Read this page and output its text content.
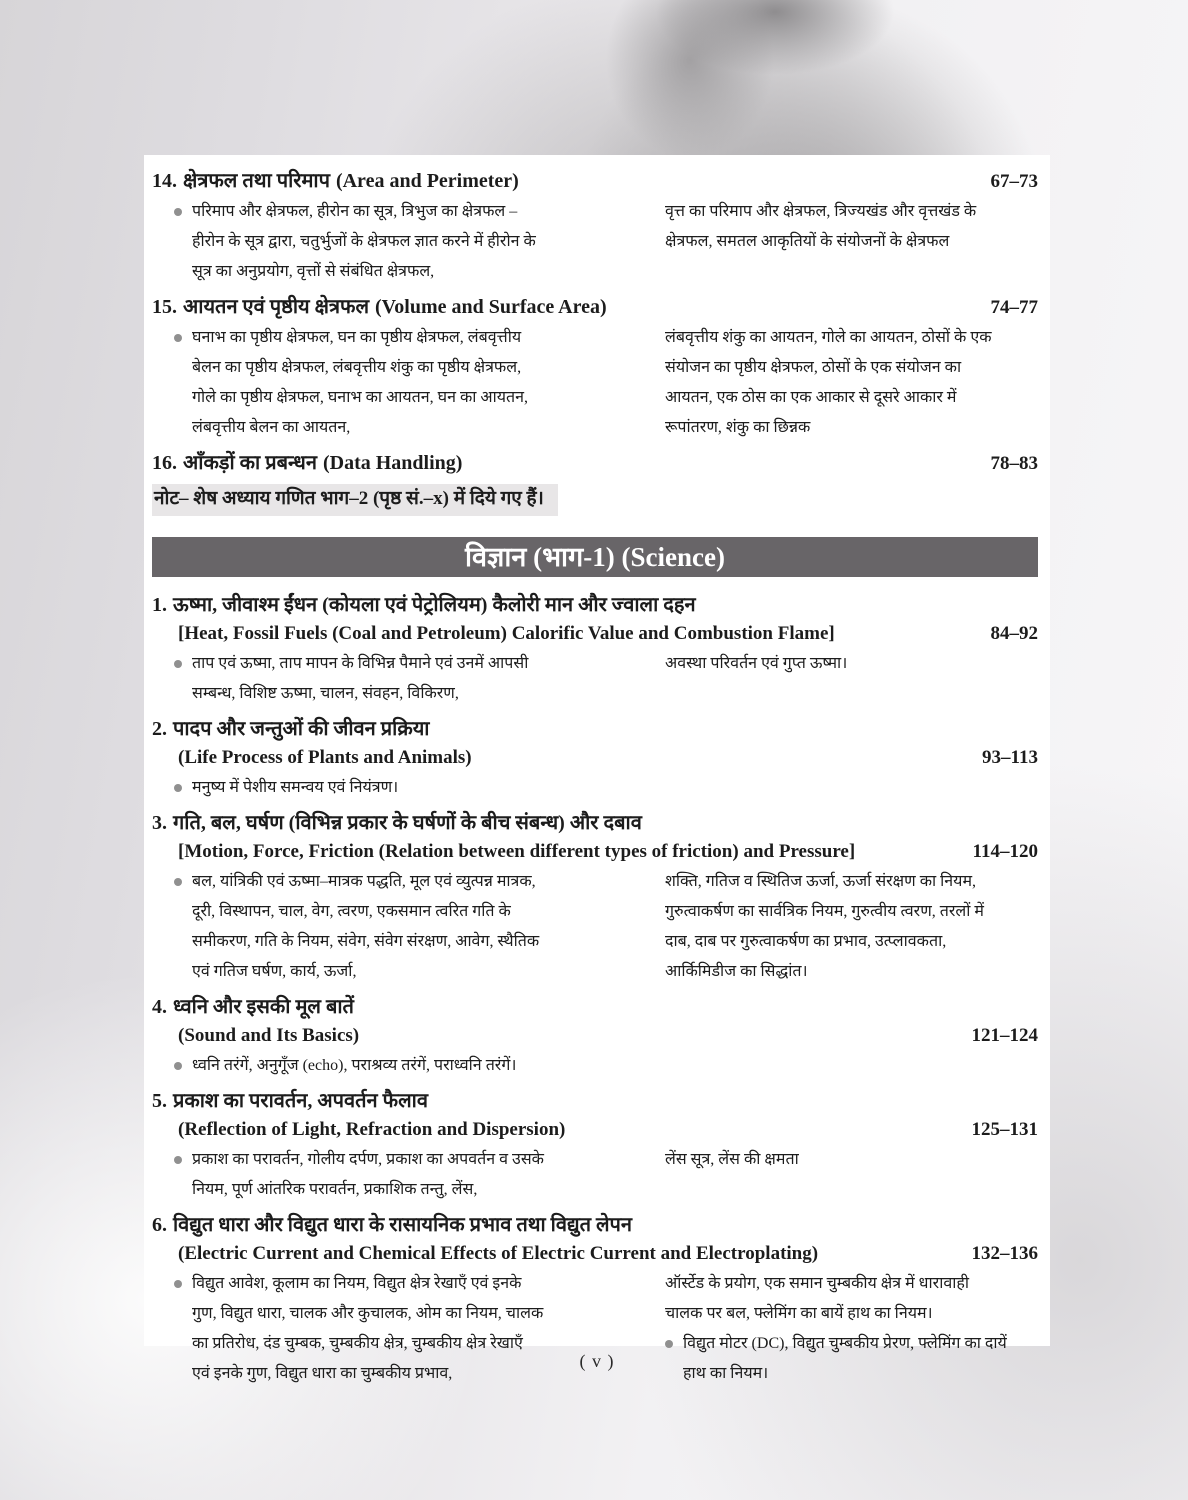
14. क्षेत्रफल तथा परिमाप (Area and Perimeter)	67–73
परिमाप और क्षेत्रफल, हीरोन का सूत्र, त्रिभुज का क्षेत्रफल – हीरोन के सूत्र द्वारा, चतुर्भुजों के क्षेत्रफल ज्ञात करने में हीरोन के सूत्र का अनुप्रयोग, वृत्तों से संबंधित क्षेत्रफल,
वृत्त का परिमाप और क्षेत्रफल, त्रिज्यखंड और वृत्तखंड के क्षेत्रफल, समतल आकृतियों के संयोजनों के क्षेत्रफल
15. आयतन एवं पृष्ठीय क्षेत्रफल (Volume and Surface Area)	74–77
घनाभ का पृष्ठीय क्षेत्रफल, घन का पृष्ठीय क्षेत्रफल, लंबवृत्तीय बेलन का पृष्ठीय क्षेत्रफल, लंबवृत्तीय शंकु का पृष्ठीय क्षेत्रफल, गोले का पृष्ठीय क्षेत्रफल, घनाभ का आयतन, घन का आयतन, लंबवृत्तीय बेलन का आयतन,
लंबवृत्तीय शंकु का आयतन, गोले का आयतन, ठोसों के एक संयोजन का पृष्ठीय क्षेत्रफल, ठोसों के एक संयोजन का आयतन, एक ठोस का एक आकार से दूसरे आकार में रूपांतरण, शंकु का छिन्नक
16. आँकड़ों का प्रबन्धन (Data Handling)	78–83
नोट– शेष अध्याय गणित भाग–2 (पृष्ठ सं.–x) में दिये गए हैं।
विज्ञान (भाग-1) (Science)
1. ऊष्मा, जीवाश्म ईंधन (कोयला एवं पेट्रोलियम) कैलोरी मान और ज्वाला दहन
[Heat, Fossil Fuels (Coal and Petroleum) Calorific Value and Combustion Flame]	84–92
ताप एवं ऊष्मा, ताप मापन के विभिन्न पैमाने एवं उनमें आपसी सम्बन्ध, विशिष्ट ऊष्मा, चालन, संवहन, विकिरण,
अवस्था परिवर्तन एवं गुप्त ऊष्मा।
2. पादप और जन्तुओं की जीवन प्रक्रिया
(Life Process of Plants and Animals)	93–113
मनुष्य में पेशीय समन्वय एवं नियंत्रण।
3. गति, बल, घर्षण (विभिन्न प्रकार के घर्षणों के बीच संबन्ध) और दबाव
[Motion, Force, Friction (Relation between different types of friction) and Pressure]	114–120
बल, यांत्रिकी एवं ऊष्मा–मात्रक पद्धति, मूल एवं व्युत्पन्न मात्रक, दूरी, विस्थापन, चाल, वेग, त्वरण, एकसमान त्वरित गति के समीकरण, गति के नियम, संवेग, संवेग संरक्षण, आवेग, स्थैतिक एवं गतिज घर्षण, कार्य, ऊर्जा,
शक्ति, गतिज व स्थितिज ऊर्जा, ऊर्जा संरक्षण का नियम, गुरुत्वाकर्षण का सार्वत्रिक नियम, गुरुत्वीय त्वरण, तरलों में दाब, दाब पर गुरुत्वाकर्षण का प्रभाव, उत्प्लावकता, आर्किमिडीज का सिद्धांत।
4. ध्वनि और इसकी मूल बातें
(Sound and Its Basics)	121–124
ध्वनि तरंगें, अनुगूँज (echo), पराश्रव्य तरंगें, पराध्वनि तरंगें।
5. प्रकाश का परावर्तन, अपवर्तन फैलाव
(Reflection of Light, Refraction and Dispersion)	125–131
प्रकाश का परावर्तन, गोलीय दर्पण, प्रकाश का अपवर्तन व उसके नियम, पूर्ण आंतरिक परावर्तन, प्रकाशिक तन्तु, लेंस,
लेंस सूत्र, लेंस की क्षमता
6. विद्युत धारा और विद्युत धारा के रासायनिक प्रभाव तथा विद्युत लेपन
(Electric Current and Chemical Effects of Electric Current and Electroplating)	132–136
विद्युत आवेश, कूलाम का नियम, विद्युत क्षेत्र रेखाएँ एवं इनके गुण, विद्युत धारा, चालक और कुचालक, ओम का नियम, चालक का प्रतिरोध, दंड चुम्बक, चुम्बकीय क्षेत्र, चुम्बकीय क्षेत्र रेखाएँ एवं इनके गुण, विद्युत धारा का चुम्बकीय प्रभाव,
ऑर्स्टेड के प्रयोग, एक समान चुम्बकीय क्षेत्र में धारावाही चालक पर बल, फ्लेमिंग का बायें हाथ का नियम।
विद्युत मोटर (DC), विद्युत चुम्बकीय प्रेरण, फ्लेमिंग का दायें हाथ का नियम।
( v )
